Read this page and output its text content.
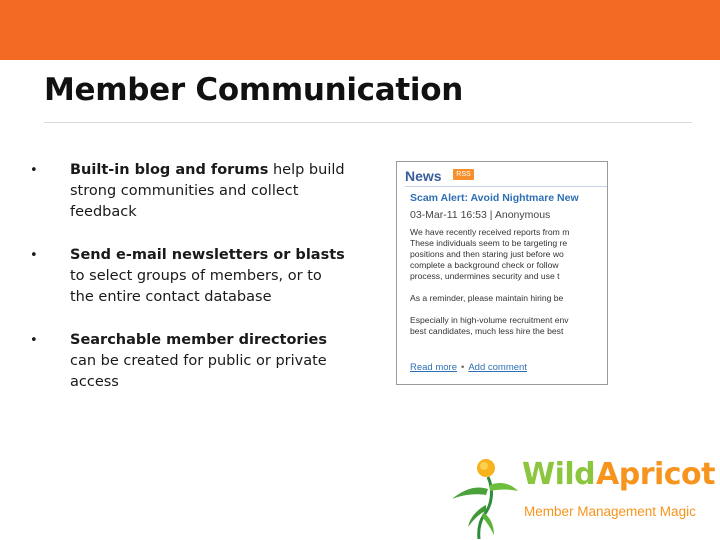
Member Communication
• Built-in blog and forums help build strong communities and collect feedback
• Send e-mail newsletters or blasts to select groups of members, or to the entire contact database
• Searchable member directories can be created for public or private access
News	RSS
Scam Alert: Avoid Nightmare New
03-Mar-11 16:53 | Anonymous

We have recently received reports from m

These individuals seem to be targeting re

positions and then staring just before wo

complete a background check or follow

process, undermines security and use t

As a reminder, please maintain hiring be

Especially in high-volume recruitment env

best candidates, much less hire the best

Read more • Add comment
Wild Apricot
Member Management Magic
